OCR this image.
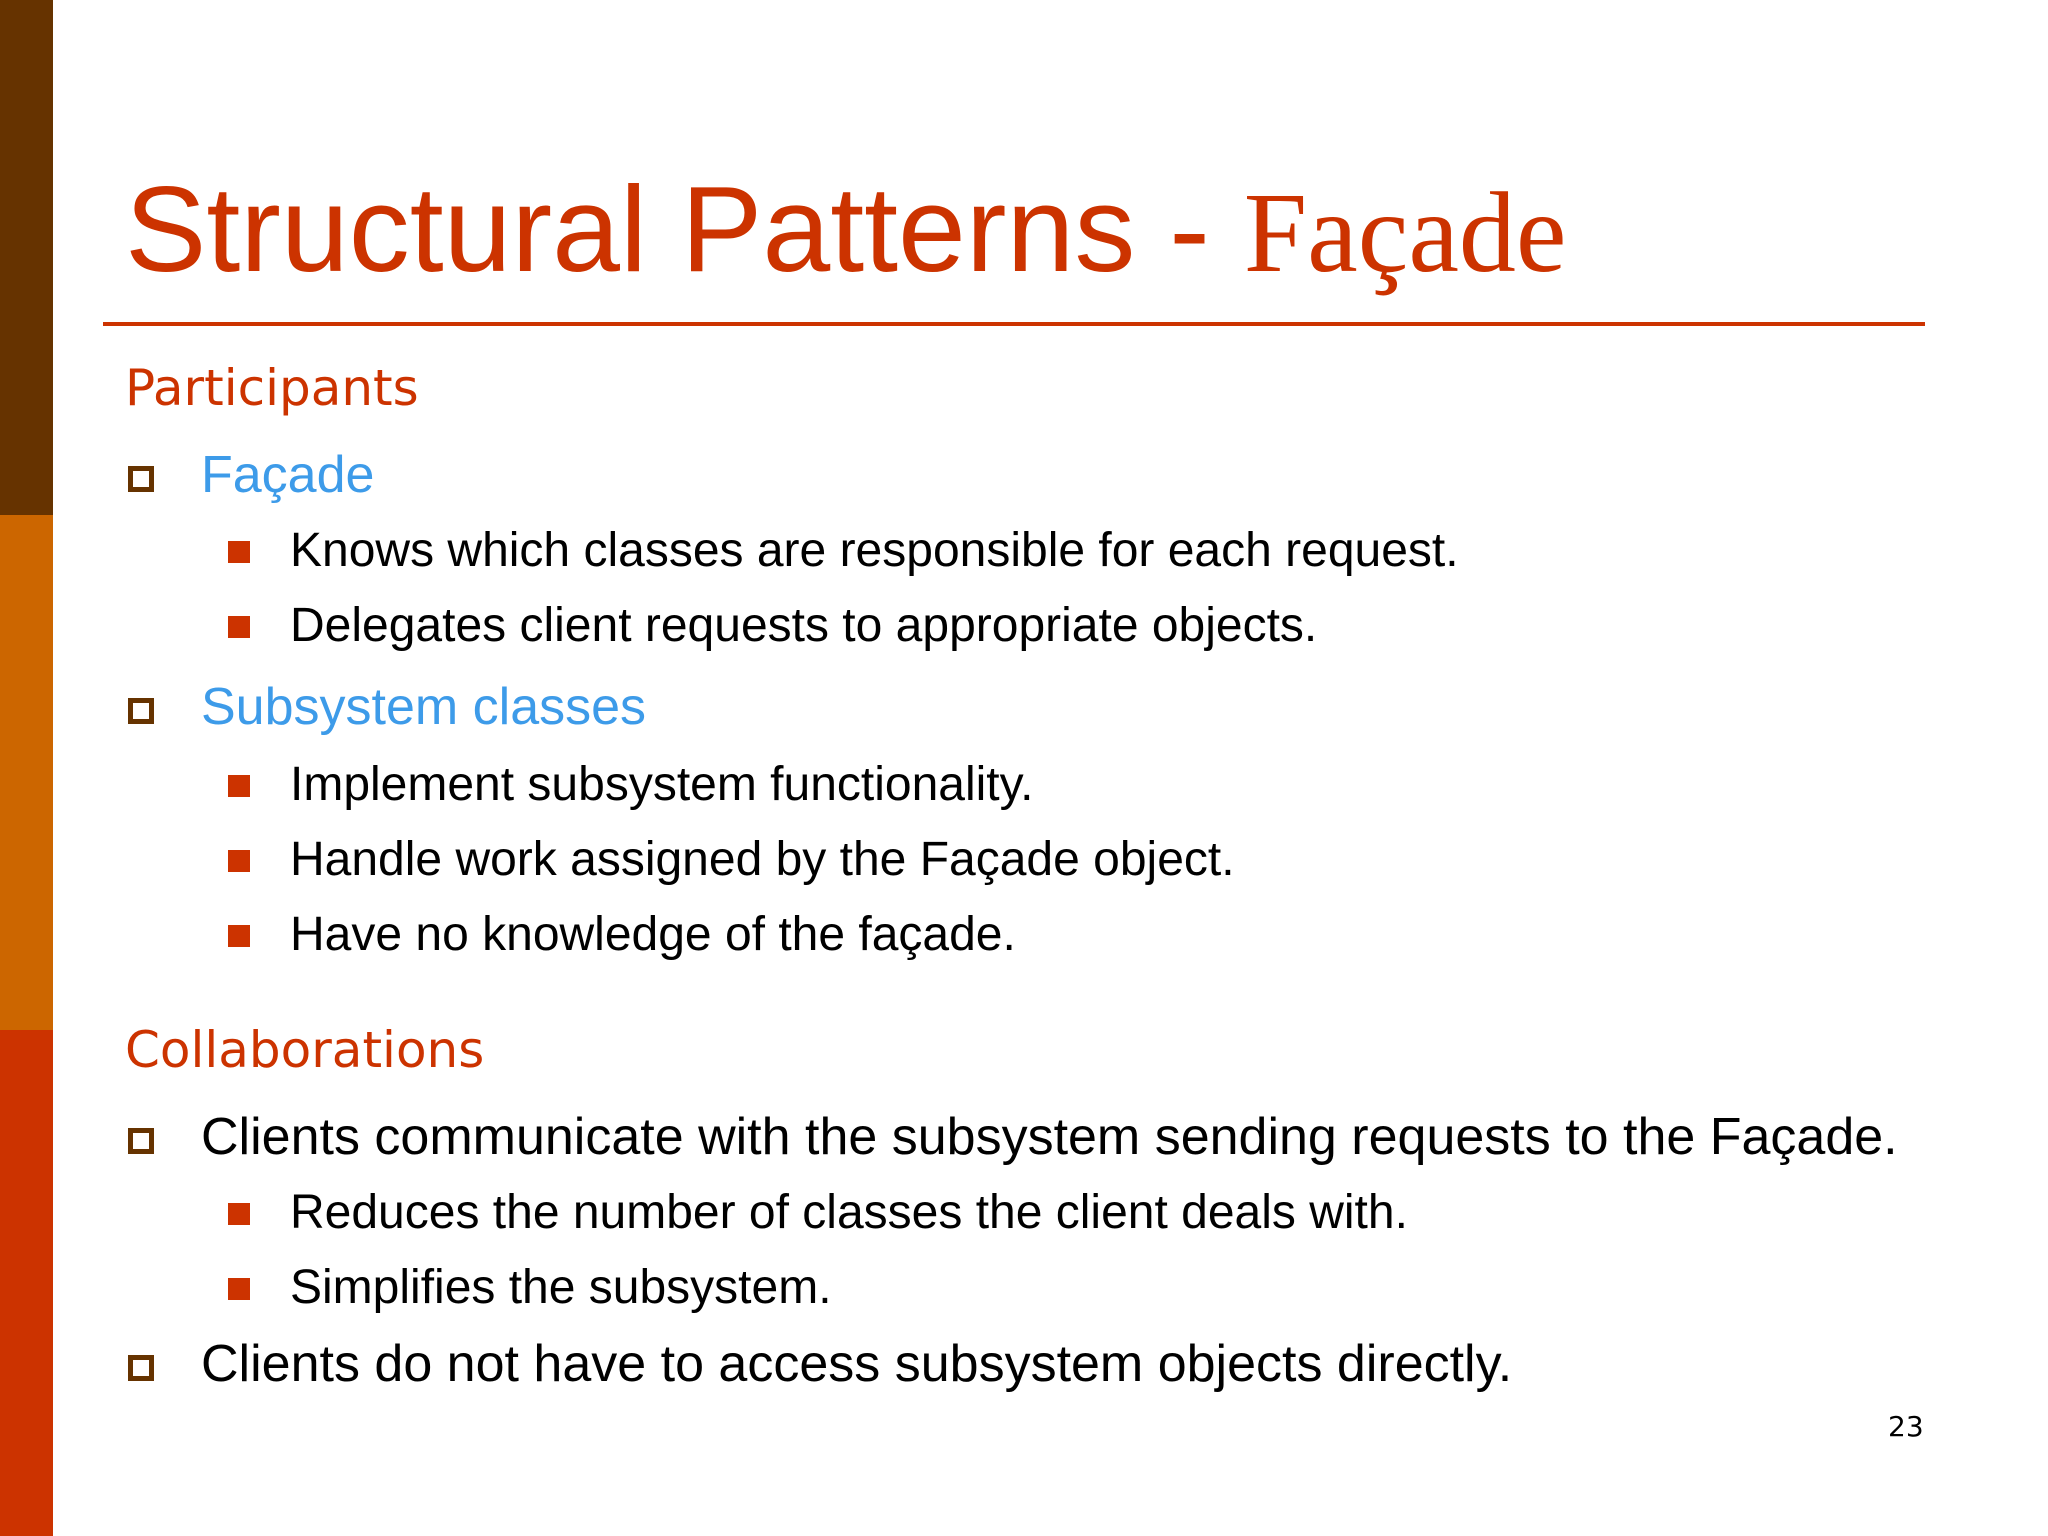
Structural Patterns - Façade
Participants
Façade
Knows which classes are responsible for each request.
Delegates client requests to appropriate objects.
Subsystem classes
Implement subsystem functionality.
Handle work assigned by the Façade object.
Have no knowledge of the façade.
Collaborations
Clients communicate with the subsystem sending requests to the Façade.
Reduces the number of classes the client deals with.
Simplifies the subsystem.
Clients do not have to access subsystem objects directly.
23
